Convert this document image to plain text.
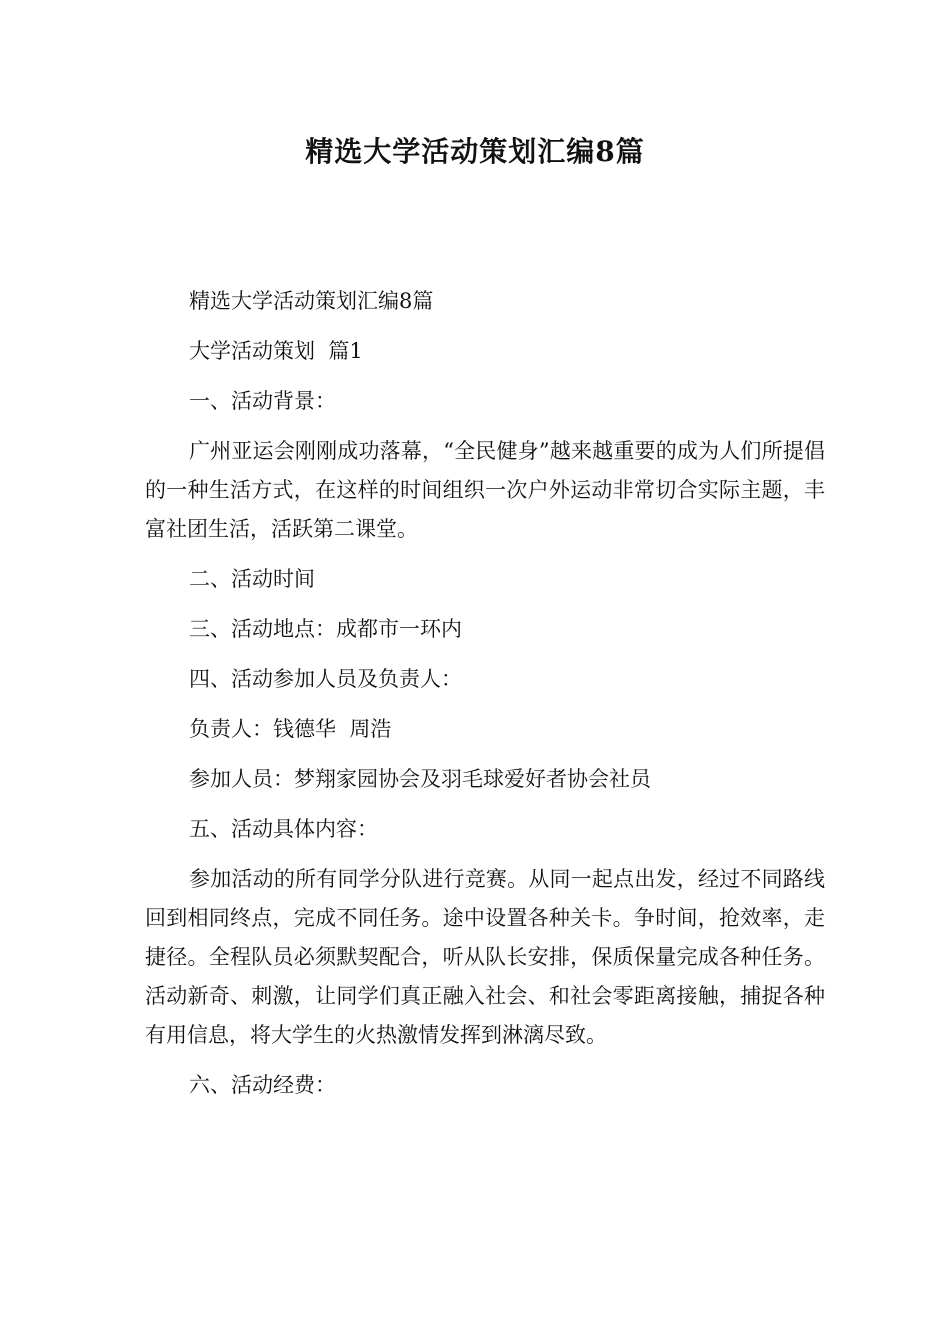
精选大学活动策划汇编8篇

精选大学活动策划汇编8篇

大学活动策划  篇1

一、活动背景：

广州亚运会刚刚成功落幕，“全民健身”越来越重要的成为人们所提倡的一种生活方式，在这样的时间组织一次户外运动非常切合实际主题，丰富社团生活，活跃第二课堂。

二、活动时间

三、活动地点：成都市一环内

四、活动参加人员及负责人：

负责人：钱德华  周浩

参加人员：梦翔家园协会及羽毛球爱好者协会社员

五、活动具体内容：

参加活动的所有同学分队进行竞赛。从同一起点出发，经过不同路线回到相同终点，完成不同任务。途中设置各种关卡。争时间，抢效率，走捷径。全程队员必须默契配合，听从队长安排，保质保量完成各种任务。活动新奇、刺激，让同学们真正融入社会、和社会零距离接触，捕捉各种有用信息，将大学生的火热激情发挥到淋漓尽致。

六、活动经费：
